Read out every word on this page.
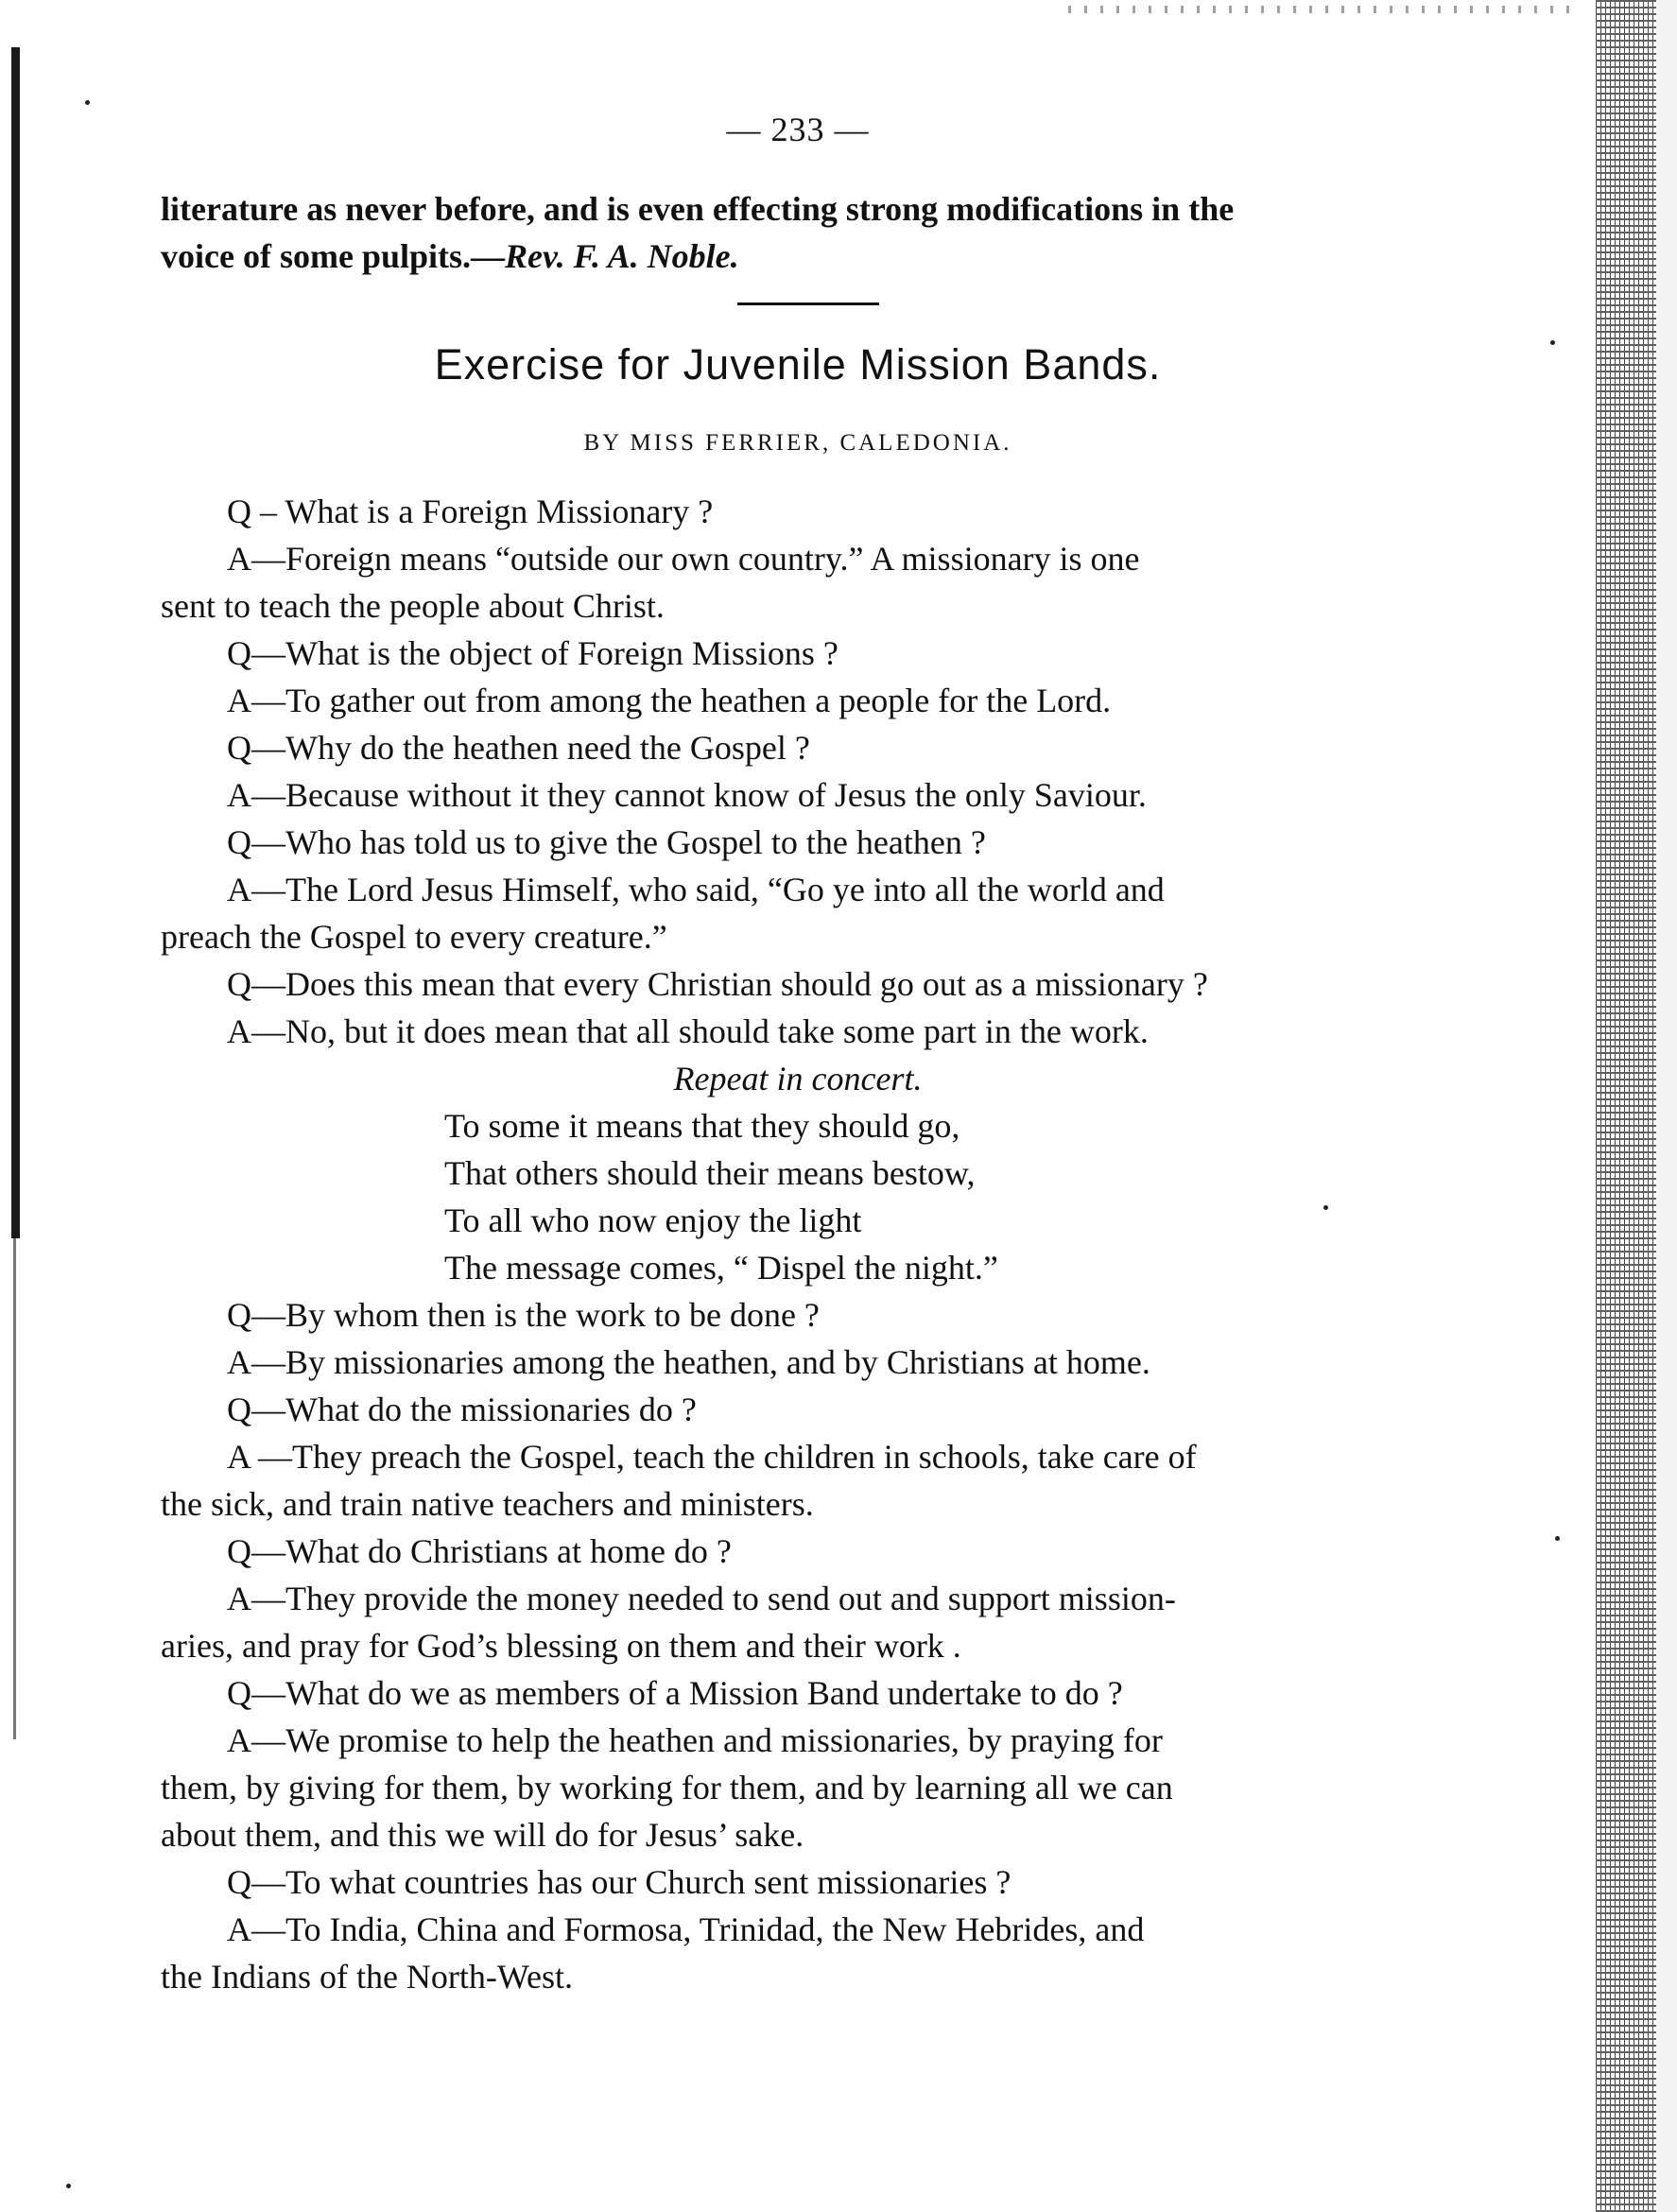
— 233 —
literature as never before, and is even effecting strong modifications in the
voice of some pulpits.—Rev. F. A. Noble.
Exercise for Juvenile Mission Bands.
BY MISS FERRIER, CALEDONIA.
Q – What is a Foreign Missionary ?
A—Foreign means “outside our own country.” A missionary is one
sent to teach the people about Christ.
Q—What is the object of Foreign Missions ?
A—To gather out from among the heathen a people for the Lord.
Q—Why do the heathen need the Gospel ?
A—Because without it they cannot know of Jesus the only Saviour.
Q—Who has told us to give the Gospel to the heathen ?
A—The Lord Jesus Himself, who said, “Go ye into all the world and
preach the Gospel to every creature.”
Q—Does this mean that every Christian should go out as a missionary ?
A—No, but it does mean that all should take some part in the work.
Repeat in concert.
To some it means that they should go,
That others should their means bestow,
To all who now enjoy the light
The message comes, “ Dispel the night.”
Q—By whom then is the work to be done ?
A—By missionaries among the heathen, and by Christians at home.
Q—What do the missionaries do ?
A —They preach the Gospel, teach the children in schools, take care of
the sick, and train native teachers and ministers.
Q—What do Christians at home do ?
A—They provide the money needed to send out and support mission-
aries, and pray for God’s blessing on them and their work .
Q—What do we as members of a Mission Band undertake to do ?
A—We promise to help the heathen and missionaries, by praying for
them, by giving for them, by working for them, and by learning all we can
about them, and this we will do for Jesus’ sake.
Q—To what countries has our Church sent missionaries ?
A—To India, China and Formosa, Trinidad, the New Hebrides, and
the Indians of the North-West.
